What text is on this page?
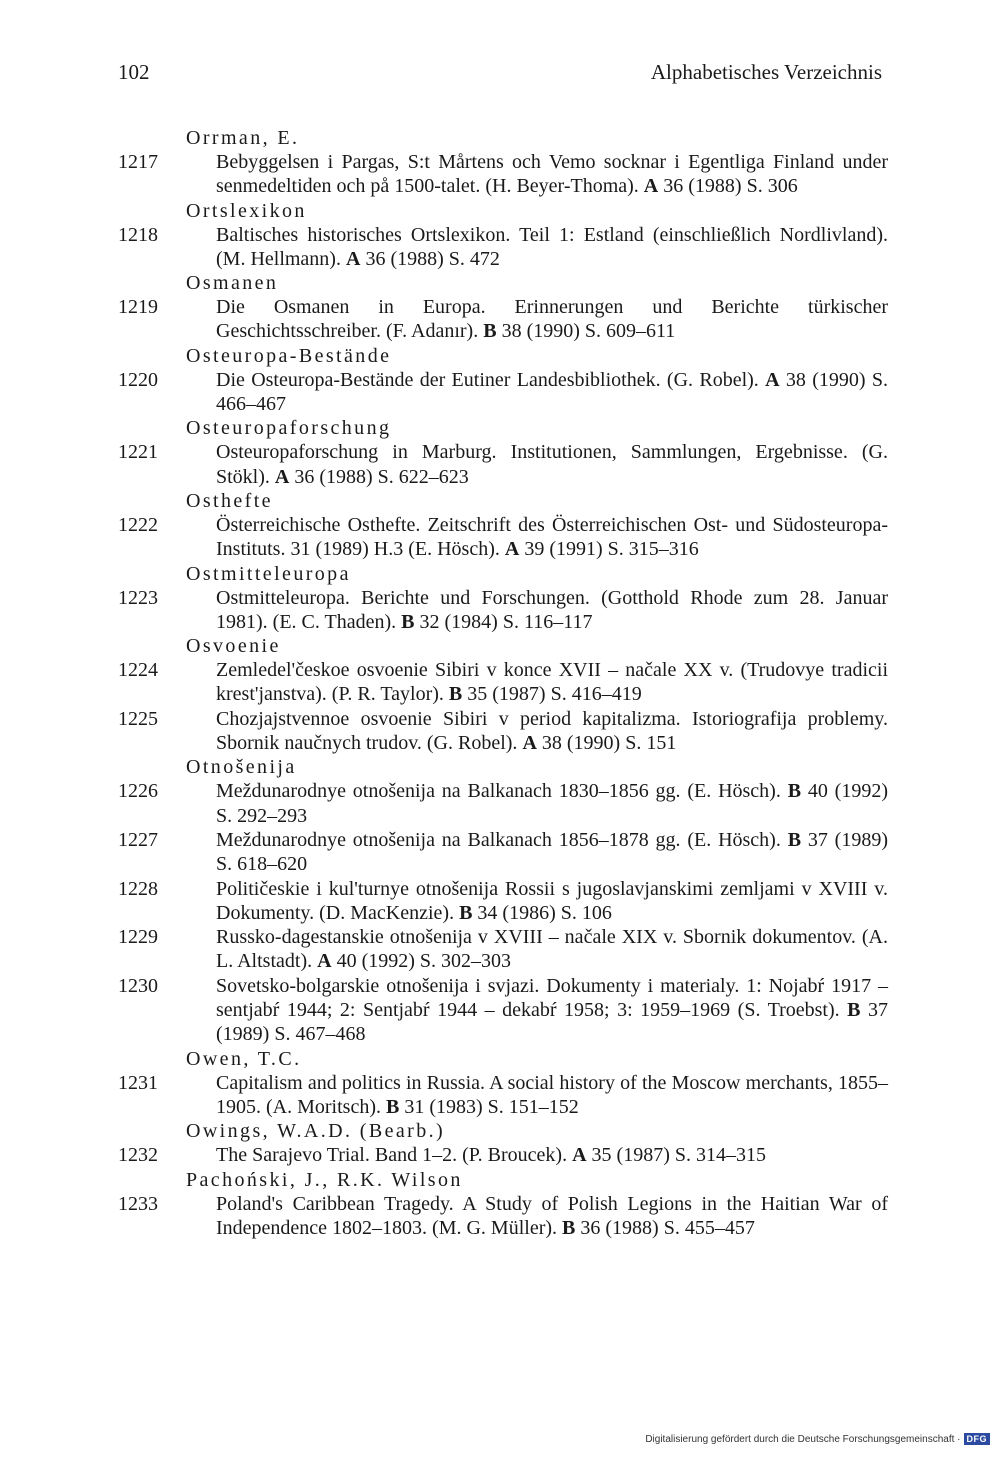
102	Alphabetisches Verzeichnis
Orrman, E.
1217	Bebyggelsen i Pargas, S:t Mårtens och Vemo socknar i Egentliga Finland under senmedeltiden och på 1500-talet. (H. Beyer-Thoma). A 36 (1988) S. 306
Ortslexikon
1218	Baltisches historisches Ortslexikon. Teil 1: Estland (einschließlich Nordlivland). (M. Hellmann). A 36 (1988) S. 472
Osmanen
1219	Die Osmanen in Europa. Erinnerungen und Berichte türkischer Geschichtsschreiber. (F. Adanır). B 38 (1990) S. 609–611
Osteuropa-Bestände
1220	Die Osteuropa-Bestände der Eutiner Landesbibliothek. (G. Robel). A 38 (1990) S. 466–467
Osteuropaforschung
1221	Osteuropaforschung in Marburg. Institutionen, Sammlungen, Ergebnisse. (G. Stökl). A 36 (1988) S. 622–623
Osthefte
1222	Österreichische Osthefte. Zeitschrift des Österreichischen Ost- und Südosteuropa- Instituts. 31 (1989) H.3 (E. Hösch). A 39 (1991) S. 315–316
Ostmitteleuropa
1223	Ostmitteleuropa. Berichte und Forschungen. (Gotthold Rhode zum 28. Januar 1981). (E. C. Thaden). B 32 (1984) S. 116–117
Osvoenie
1224	Zemledel'českoe osvoenie Sibiri v konce XVII – načale XX v. (Trudovye tradicii krest'janstva). (P. R. Taylor). B 35 (1987) S. 416–419
1225	Chozjajstvennoe osvoenie Sibiri v period kapitalizma. Istoriografija problemy. Sbornik naučnych trudov. (G. Robel). A 38 (1990) S. 151
Otnošenija
1226	Meždunarodnye otnošenija na Balkanach 1830–1856 gg. (E. Hösch). B 40 (1992) S. 292–293
1227	Meždunarodnye otnošenija na Balkanach 1856–1878 gg. (E. Hösch). B 37 (1989) S. 618–620
1228	Političeskie i kul'turnye otnošenija Rossii s jugoslavjanskimi zemljami v XVIII v. Dokumenty. (D. MacKenzie). B 34 (1986) S. 106
1229	Russko-dagestanskie otnošenija v XVIII – načale XIX v. Sbornik dokumentov. (A. L. Altstadt). A 40 (1992) S. 302–303
1230	Sovetsko-bolgarskie otnošenija i svjazi. Dokumenty i materialy. 1: Nojabŕ 1917 – sentjabŕ 1944; 2: Sentjabŕ 1944 – dekabŕ 1958; 3: 1959–1969 (S. Troebst). B 37 (1989) S. 467–468
Owen, T.C.
1231	Capitalism and politics in Russia. A social history of the Moscow merchants, 1855–1905. (A. Moritsch). B 31 (1983) S. 151–152
Owings, W.A.D. (Bearb.)
1232	The Sarajevo Trial. Band 1–2. (P. Broucek). A 35 (1987) S. 314–315
Pachoński, J., R.K. Wilson
1233	Poland's Caribbean Tragedy. A Study of Polish Legions in the Haitian War of Independence 1802–1803. (M. G. Müller). B 36 (1988) S. 455–457
Digitalisierung gefördert durch die Deutsche Forschungsgemeinschaft · DFG
